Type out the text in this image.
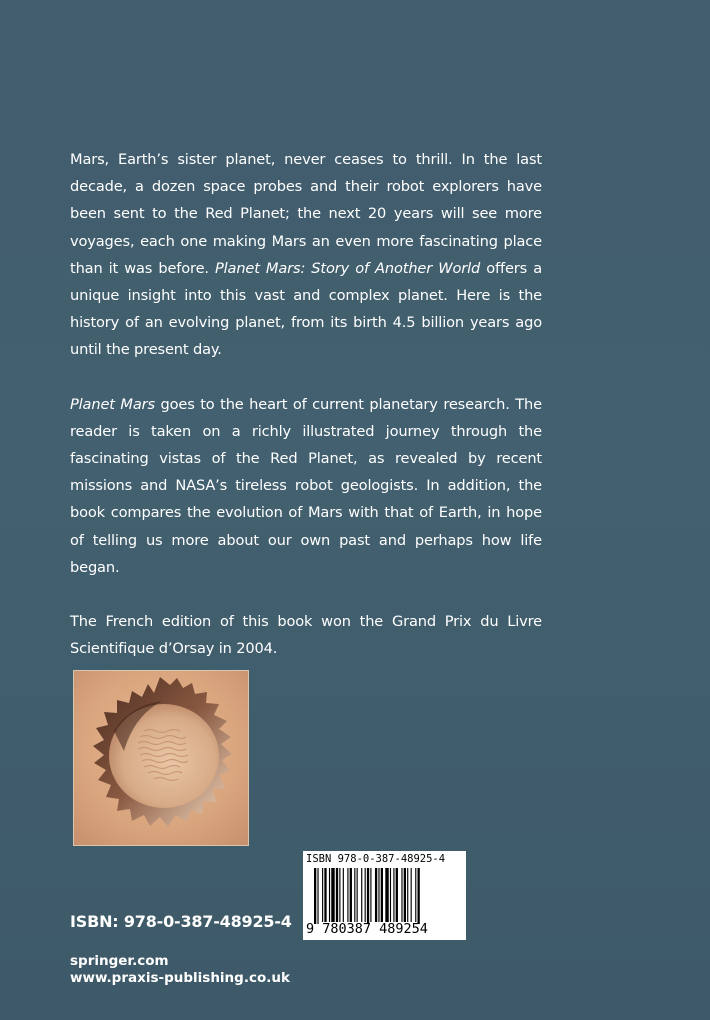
Mars, Earth’s sister planet, never ceases to thrill. In the last decade, a dozen space probes and their robot explorers have been sent to the Red Planet; the next 20 years will see more voyages, each one making Mars an even more fascinating place than it was before. Planet Mars: Story of Another World offers a unique insight into this vast and complex planet. Here is the history of an evolving planet, from its birth 4.5 billion years ago until the present day.

Planet Mars goes to the heart of current planetary research. The reader is taken on a richly illustrated journey through the fascinating vistas of the Red Planet, as revealed by recent missions and NASA’s tireless robot geologists. In addition, the book compares the evolution of Mars with that of Earth, in hope of telling us more about our own past and perhaps how life began.

The French edition of this book won the Grand Prix du Livre Scientifique d’Orsay in 2004.

ISBN 978-0-387-48925-4
9 780387 489254
ISBN: 978-0-387-48925-4
springer.com
www.praxis-publishing.co.uk
